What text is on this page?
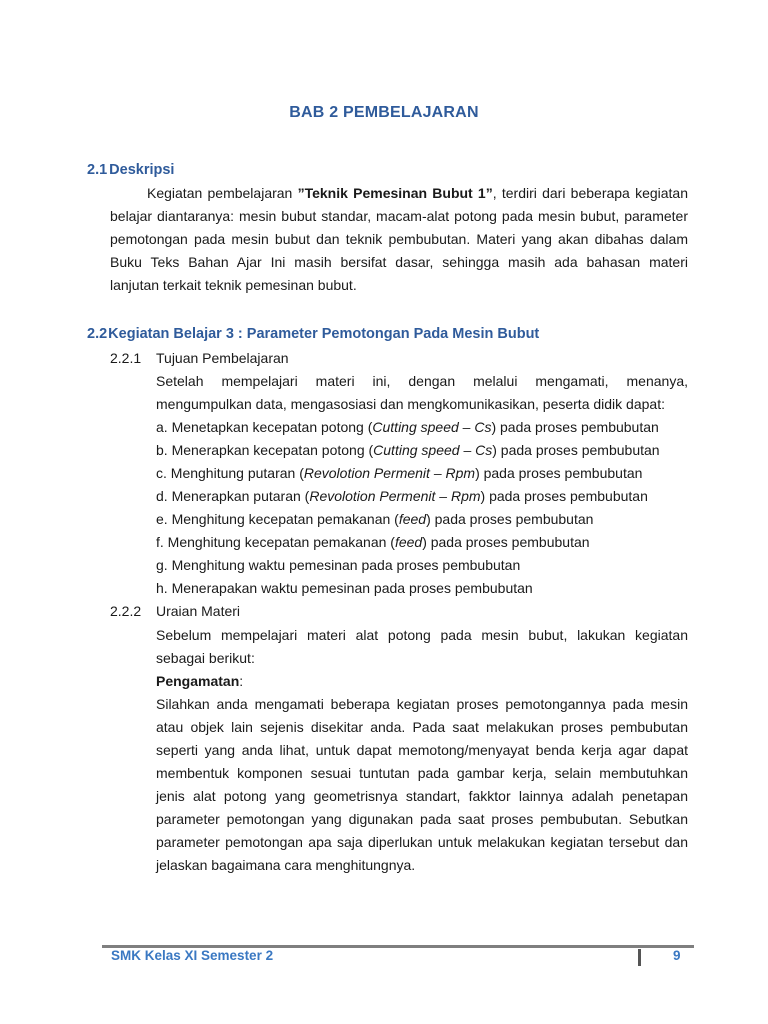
BAB 2 PEMBELAJARAN
2.1 Deskripsi
Kegiatan pembelajaran ”Teknik Pemesinan Bubut 1”, terdiri dari beberapa kegiatan
belajar diantaranya: mesin bubut standar, macam-alat potong pada mesin bubut, parameter
pemotongan pada mesin bubut dan teknik pembubutan. Materi yang akan dibahas dalam
Buku Teks Bahan Ajar Ini masih bersifat dasar, sehingga masih ada bahasan materi
lanjutan terkait teknik pemesinan bubut.
2.2Kegiatan Belajar 3 : Parameter Pemotongan Pada Mesin Bubut
2.2.1 Tujuan Pembelajaran
Setelah mempelajari materi ini, dengan melalui mengamati, menanya,
mengumpulkan data, mengasosiasi dan mengkomunikasikan, peserta didik dapat:
a. Menetapkan kecepatan potong (Cutting speed – Cs) pada proses pembubutan
b. Menerapkan kecepatan potong (Cutting speed – Cs) pada proses pembubutan
c. Menghitung putaran (Revolotion Permenit – Rpm) pada proses pembubutan
d. Menerapkan putaran (Revolotion Permenit – Rpm) pada proses pembubutan
e. Menghitung kecepatan pemakanan (feed) pada proses pembubutan
f. Menghitung kecepatan pemakanan (feed) pada proses pembubutan
g. Menghitung waktu pemesinan pada proses pembubutan
h. Menerapakan waktu pemesinan pada proses pembubutan
2.2.2 Uraian Materi
Sebelum mempelajari materi alat potong pada mesin bubut, lakukan kegiatan
sebagai berikut:
Pengamatan:
Silahkan anda mengamati beberapa kegiatan proses pemotongannya pada mesin
atau objek lain sejenis disekitar anda. Pada saat melakukan proses pembubutan
seperti yang anda lihat, untuk dapat memotong/menyayat benda kerja agar dapat
membentuk komponen sesuai tuntutan pada gambar kerja, selain membutuhkan
jenis alat potong yang geometrisnya standart, fakktor lainnya adalah penetapan
parameter pemotongan yang digunakan pada saat proses pembubutan. Sebutkan
parameter pemotongan apa saja diperlukan untuk melakukan kegiatan tersebut dan
jelaskan bagaimana cara menghitungnya.
SMK Kelas XI Semester 2	9
